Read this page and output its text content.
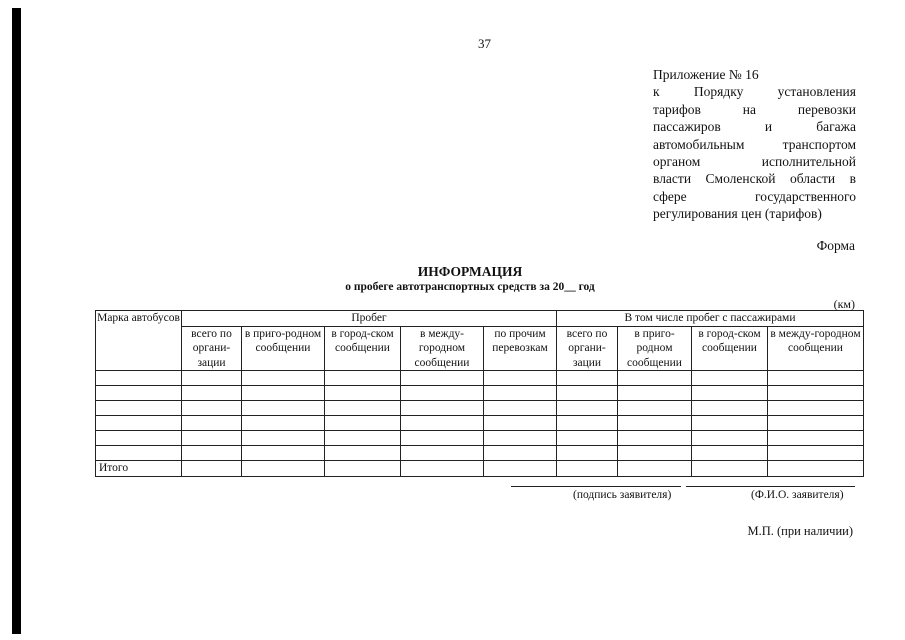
37
Приложение № 16
к Порядку установления
тарифов на перевозки
пассажиров и багажа
автомобильным транспортом
органом исполнительной
власти Смоленской области в
сфере государственного
регулирования цен (тарифов)
Форма
ИНФОРМАЦИЯ
о пробеге автотранспортных средств за 20__ год
(км)
Марка автобусов	Пробег					В том числе пробег с пассажирами			
	всего по органи-зации	в приго-родном сообщении	в город-ском сообщении	в между-городном сообщении	по прочим перевозкам	всего по органи-зации	в приго-родном сообщении	в город-ском сообщении	в между-городном сообщении

Итого									
(подпись заявителя)	(Ф.И.О. заявителя)
М.П. (при наличии)
